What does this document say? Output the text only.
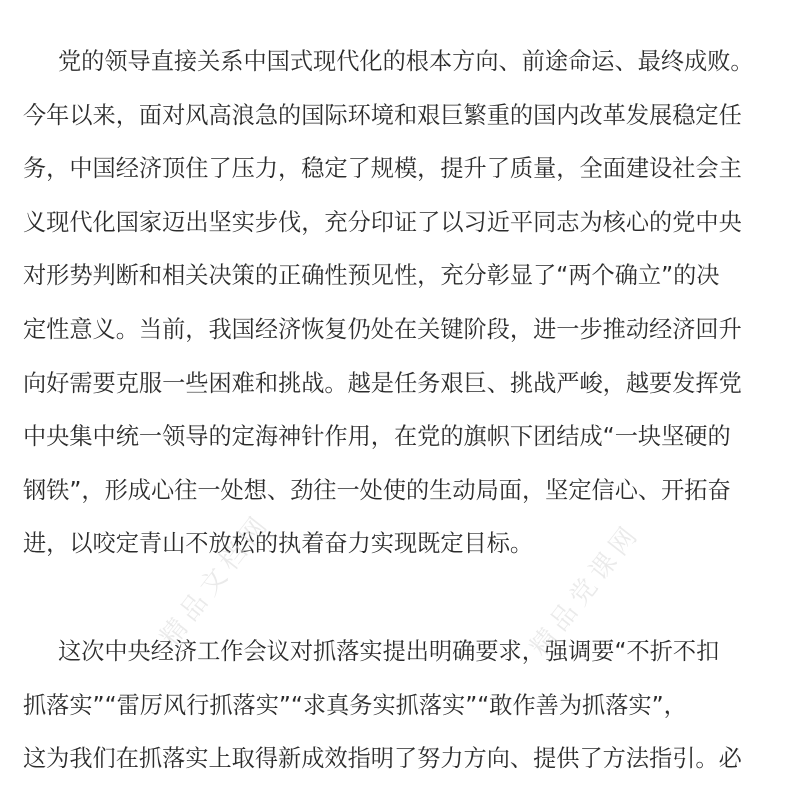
党的领导直接关系中国式现代化的根本方向、前途命运、最终成败。
今年以来，面对风高浪急的国际环境和艰巨繁重的国内改革发展稳定任
务，中国经济顶住了压力，稳定了规模，提升了质量，全面建设社会主
义现代化国家迈出坚实步伐，充分印证了以习近平同志为核心的党中央
对形势判断和相关决策的正确性预见性，充分彰显了“两个确立”的决
定性意义。当前，我国经济恢复仍处在关键阶段，进一步推动经济回升
向好需要克服一些困难和挑战。越是任务艰巨、挑战严峻，越要发挥党
中央集中统一领导的定海神针作用，在党的旗帜下团结成“一块坚硬的
钢铁”，形成心往一处想、劲往一处使的生动局面，坚定信心、开拓奋
进，以咬定青山不放松的执着奋力实现既定目标。
这次中央经济工作会议对抓落实提出明确要求，强调要“不折不扣
抓落实”“雷厉风行抓落实”“求真务实抓落实”“敢作善为抓落实”，
这为我们在抓落实上取得新成效指明了努力方向、提供了方法指引。必
精品党课网
精品文档网
